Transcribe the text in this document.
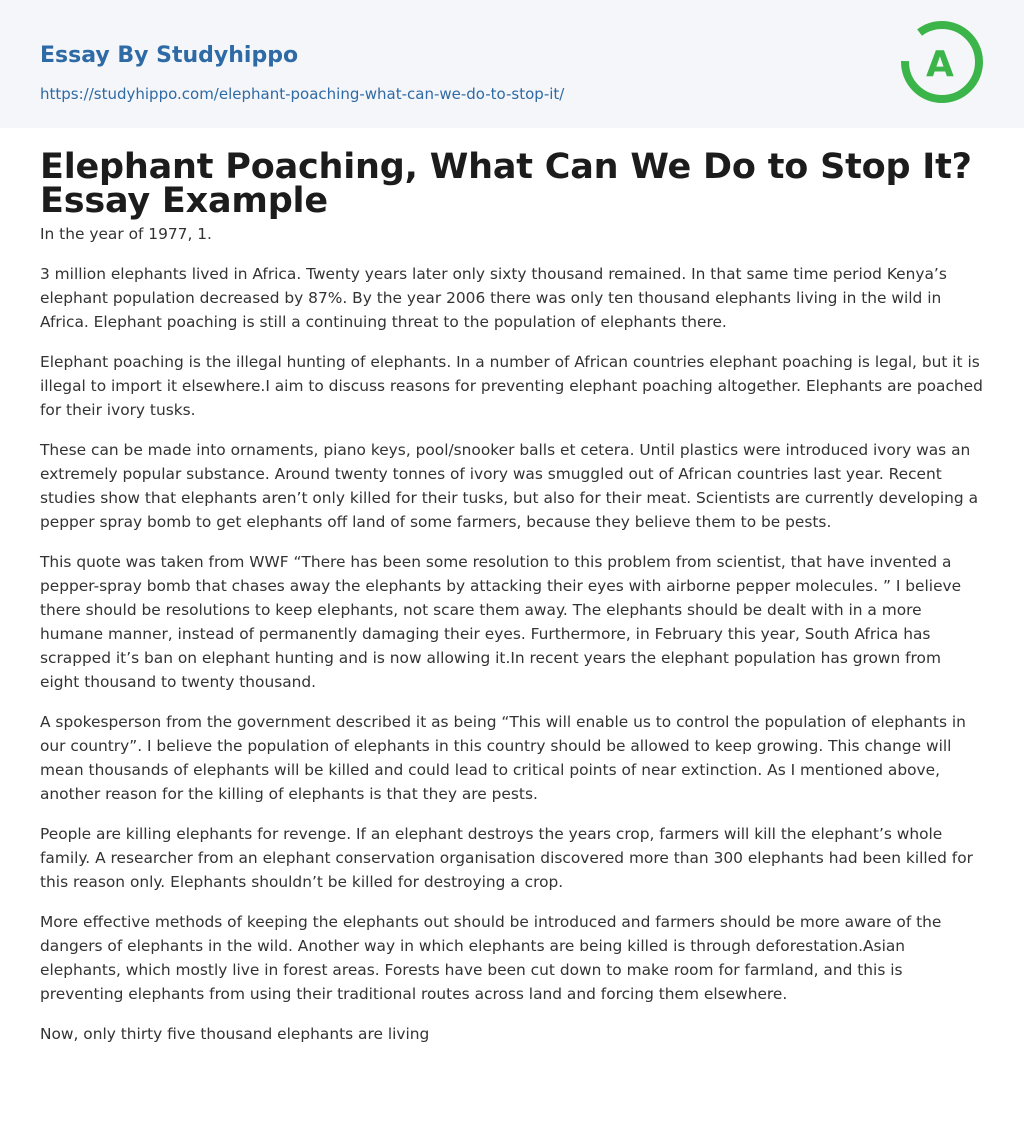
Essay By Studyhippo
https://studyhippo.com/elephant-poaching-what-can-we-do-to-stop-it/
A
Elephant Poaching, What Can We Do to Stop It? Essay Example

In the year of 1977, 1.

3 million elephants lived in Africa. Twenty years later only sixty thousand remained. In that same time period Kenya’s elephant population decreased by 87%. By the year 2006 there was only ten thousand elephants living in the wild in Africa. Elephant poaching is still a continuing threat to the population of elephants there.

Elephant poaching is the illegal hunting of elephants. In a number of African countries elephant poaching is legal, but it is illegal to import it elsewhere.I aim to discuss reasons for preventing elephant poaching altogether. Elephants are poached for their ivory tusks.

These can be made into ornaments, piano keys, pool/snooker balls et cetera. Until plastics were introduced ivory was an extremely popular substance. Around twenty tonnes of ivory was smuggled out of African countries last year. Recent studies show that elephants aren’t only killed for their tusks, but also for their meat. Scientists are currently developing a pepper spray bomb to get elephants off land of some farmers, because they believe them to be pests.

This quote was taken from WWF “There has been some resolution to this problem from scientist, that have invented a pepper-spray bomb that chases away the elephants by attacking their eyes with airborne pepper molecules. ” I believe there should be resolutions to keep elephants, not scare them away. The elephants should be dealt with in a more humane manner, instead of permanently damaging their eyes. Furthermore, in February this year, South Africa has scrapped it’s ban on elephant hunting and is now allowing it.In recent years the elephant population has grown from eight thousand to twenty thousand.

A spokesperson from the government described it as being “This will enable us to control the population of elephants in our country”. I believe the population of elephants in this country should be allowed to keep growing. This change will mean thousands of elephants will be killed and could lead to critical points of near extinction. As I mentioned above, another reason for the killing of elephants is that they are pests.

People are killing elephants for revenge. If an elephant destroys the years crop, farmers will kill the elephant’s whole family. A researcher from an elephant conservation organisation discovered more than 300 elephants had been killed for this reason only. Elephants shouldn’t be killed for destroying a crop.

More effective methods of keeping the elephants out should be introduced and farmers should be more aware of the dangers of elephants in the wild. Another way in which elephants are being killed is through deforestation.Asian elephants, which mostly live in forest areas. Forests have been cut down to make room for farmland, and this is preventing elephants from using their traditional routes across land and forcing them elsewhere.

Now, only thirty five thousand elephants are living
